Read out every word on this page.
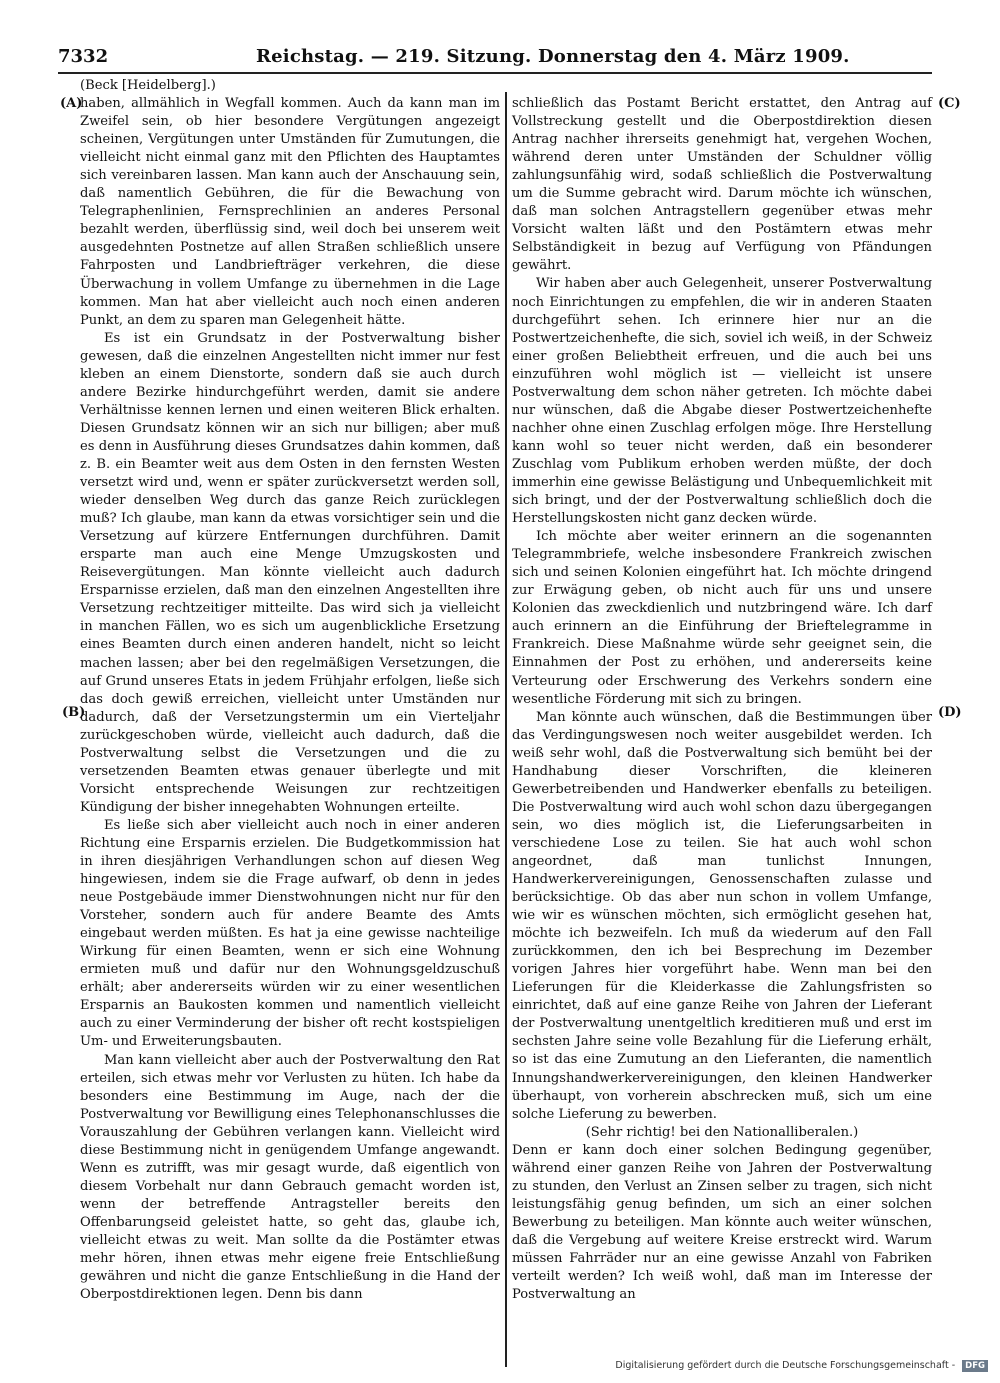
7332	Reichstag. — 219. Sitzung. Donnerstag den 4. März 1909.
(A)
(B)
(C)
(D)

(Beck [Heidelberg].)

haben, allmählich in Wegfall kommen. Auch da kann man im Zweifel sein, ob hier besondere Vergütungen angezeigt scheinen, Vergütungen unter Umständen für Zumutungen, die vielleicht nicht einmal ganz mit den Pflichten des Hauptamtes sich vereinbaren lassen. Man kann auch der Anschauung sein, daß namentlich Gebühren, die für die Bewachung von Telegraphenlinien, Fernsprechlinien an anderes Personal bezahlt werden, überflüssig sind, weil doch bei unserem weit ausgedehnten Postnetze auf allen Straßen schließlich unsere Fahrposten und Landbriefträger verkehren, die diese Überwachung in vollem Umfange zu übernehmen in die Lage kommen. Man hat aber vielleicht auch noch einen anderen Punkt, an dem zu sparen man Gelegenheit hätte.

Es ist ein Grundsatz in der Postverwaltung bisher gewesen, daß die einzelnen Angestellten nicht immer nur fest kleben an einem Dienstorte, sondern daß sie auch durch andere Bezirke hindurchgeführt werden, damit sie andere Verhältnisse kennen lernen und einen weiteren Blick erhalten. Diesen Grundsatz können wir an sich nur billigen; aber muß es denn in Ausführung dieses Grundsatzes dahin kommen, daß z. B. ein Beamter weit aus dem Osten in den fernsten Westen versetzt wird und, wenn er später zurückversetzt werden soll, wieder denselben Weg durch das ganze Reich zurücklegen muß? Ich glaube, man kann da etwas vorsichtiger sein und die Versetzung auf kürzere Entfernungen durchführen. Damit ersparte man auch eine Menge Umzugskosten und Reisevergütungen. Man könnte vielleicht auch dadurch Ersparnisse erzielen, daß man den einzelnen Angestellten ihre Versetzung rechtzeitiger mitteilte. Das wird sich ja vielleicht in manchen Fällen, wo es sich um augenblickliche Ersetzung eines Beamten durch einen anderen handelt, nicht so leicht machen lassen; aber bei den regelmäßigen Versetzungen, die auf Grund unseres Etats in jedem Frühjahr erfolgen, ließe sich das doch gewiß erreichen, vielleicht unter Umständen nur dadurch, daß der Versetzungstermin um ein Vierteljahr zurückgeschoben würde, vielleicht auch dadurch, daß die Postverwaltung selbst die Versetzungen und die zu versetzenden Beamten etwas genauer überlegte und mit Vorsicht entsprechende Weisungen zur rechtzeitigen Kündigung der bisher innegehabten Wohnungen erteilte.

Es ließe sich aber vielleicht auch noch in einer anderen Richtung eine Ersparnis erzielen. Die Budgetkommission hat in ihren diesjährigen Verhandlungen schon auf diesen Weg hingewiesen, indem sie die Frage aufwarf, ob denn in jedes neue Postgebäude immer Dienstwohnungen nicht nur für den Vorsteher, sondern auch für andere Beamte des Amts eingebaut werden müßten. Es hat ja eine gewisse nachteilige Wirkung für einen Beamten, wenn er sich eine Wohnung ermieten muß und dafür nur den Wohnungsgeldzuschuß erhält; aber andererseits würden wir zu einer wesentlichen Ersparnis an Baukosten kommen und namentlich vielleicht auch zu einer Verminderung der bisher oft recht kostspieligen Um- und Erweiterungsbauten.

Man kann vielleicht aber auch der Postverwaltung den Rat erteilen, sich etwas mehr vor Verlusten zu hüten. Ich habe da besonders eine Bestimmung im Auge, nach der die Postverwaltung vor Bewilligung eines Telephonanschlusses die Vorauszahlung der Gebühren verlangen kann. Vielleicht wird diese Bestimmung nicht in genügendem Umfange angewandt. Wenn es zutrifft, was mir gesagt wurde, daß eigentlich von diesem Vorbehalt nur dann Gebrauch gemacht worden ist, wenn der betreffende Antragsteller bereits den Offenbarungseid geleistet hatte, so geht das, glaube ich, vielleicht etwas zu weit. Man sollte da die Postämter etwas mehr hören, ihnen etwas mehr eigene freie Entschließung gewähren und nicht die ganze Entschließung in die Hand der Oberpostdirektionen legen. Denn bis dann

schließlich das Postamt Bericht erstattet, den Antrag auf Vollstreckung gestellt und die Oberpostdirektion diesen Antrag nachher ihrerseits genehmigt hat, vergehen Wochen, während deren unter Umständen der Schuldner völlig zahlungsunfähig wird, sodaß schließlich die Postverwaltung um die Summe gebracht wird. Darum möchte ich wünschen, daß man solchen Antragstellern gegenüber etwas mehr Vorsicht walten läßt und den Postämtern etwas mehr Selbständigkeit in bezug auf Verfügung von Pfändungen gewährt.

Wir haben aber auch Gelegenheit, unserer Postverwaltung noch Einrichtungen zu empfehlen, die wir in anderen Staaten durchgeführt sehen. Ich erinnere hier nur an die Postwertzeichenhefte, die sich, soviel ich weiß, in der Schweiz einer großen Beliebtheit erfreuen, und die auch bei uns einzuführen wohl möglich ist — vielleicht ist unsere Postverwaltung dem schon näher getreten. Ich möchte dabei nur wünschen, daß die Abgabe dieser Postwertzeichenhefte nachher ohne einen Zuschlag erfolgen möge. Ihre Herstellung kann wohl so teuer nicht werden, daß ein besonderer Zuschlag vom Publikum erhoben werden müßte, der doch immerhin eine gewisse Belästigung und Unbequemlichkeit mit sich bringt, und der der Postverwaltung schließlich doch die Herstellungskosten nicht ganz decken würde.

Ich möchte aber weiter erinnern an die sogenannten Telegrammbriefe, welche insbesondere Frankreich zwischen sich und seinen Kolonien eingeführt hat. Ich möchte dringend zur Erwägung geben, ob nicht auch für uns und unsere Kolonien das zweckdienlich und nutzbringend wäre. Ich darf auch erinnern an die Einführung der Brieftelegramme in Frankreich. Diese Maßnahme würde sehr geeignet sein, die Einnahmen der Post zu erhöhen, und andererseits keine Verteurung oder Erschwerung des Verkehrs sondern eine wesentliche Förderung mit sich zu bringen.

Man könnte auch wünschen, daß die Bestimmungen über das Verdingungswesen noch weiter ausgebildet werden. Ich weiß sehr wohl, daß die Postverwaltung sich bemüht bei der Handhabung dieser Vorschriften, die kleineren Gewerbetreibenden und Handwerker ebenfalls zu beteiligen. Die Postverwaltung wird auch wohl schon dazu übergegangen sein, wo dies möglich ist, die Lieferungsarbeiten in verschiedene Lose zu teilen. Sie hat auch wohl schon angeordnet, daß man tunlichst Innungen, Handwerkervereinigungen, Genossenschaften zulasse und berücksichtige. Ob das aber nun schon in vollem Umfange, wie wir es wünschen möchten, sich ermöglicht gesehen hat, möchte ich bezweifeln. Ich muß da wiederum auf den Fall zurückkommen, den ich bei Besprechung im Dezember vorigen Jahres hier vorgeführt habe. Wenn man bei den Lieferungen für die Kleiderkasse die Zahlungsfristen so einrichtet, daß auf eine ganze Reihe von Jahren der Lieferant der Postverwaltung unentgeltlich kreditieren muß und erst im sechsten Jahre seine volle Bezahlung für die Lieferung erhält, so ist das eine Zumutung an den Lieferanten, die namentlich Innungshandwerkervereinigungen, den kleinen Handwerker überhaupt, von vorherein abschrecken muß, sich um eine solche Lieferung zu bewerben.

(Sehr richtig! bei den Nationalliberalen.)

Denn er kann doch einer solchen Bedingung gegenüber, während einer ganzen Reihe von Jahren der Postverwaltung zu stunden, den Verlust an Zinsen selber zu tragen, sich nicht leistungsfähig genug befinden, um sich an einer solchen Bewerbung zu beteiligen. Man könnte auch weiter wünschen, daß die Vergebung auf weitere Kreise erstreckt wird. Warum müssen Fahrräder nur an eine gewisse Anzahl von Fabriken verteilt werden? Ich weiß wohl, daß man im Interesse der Postverwaltung an

Digitalisierung gefördert durch die Deutsche Forschungsgemeinschaft - DFG
